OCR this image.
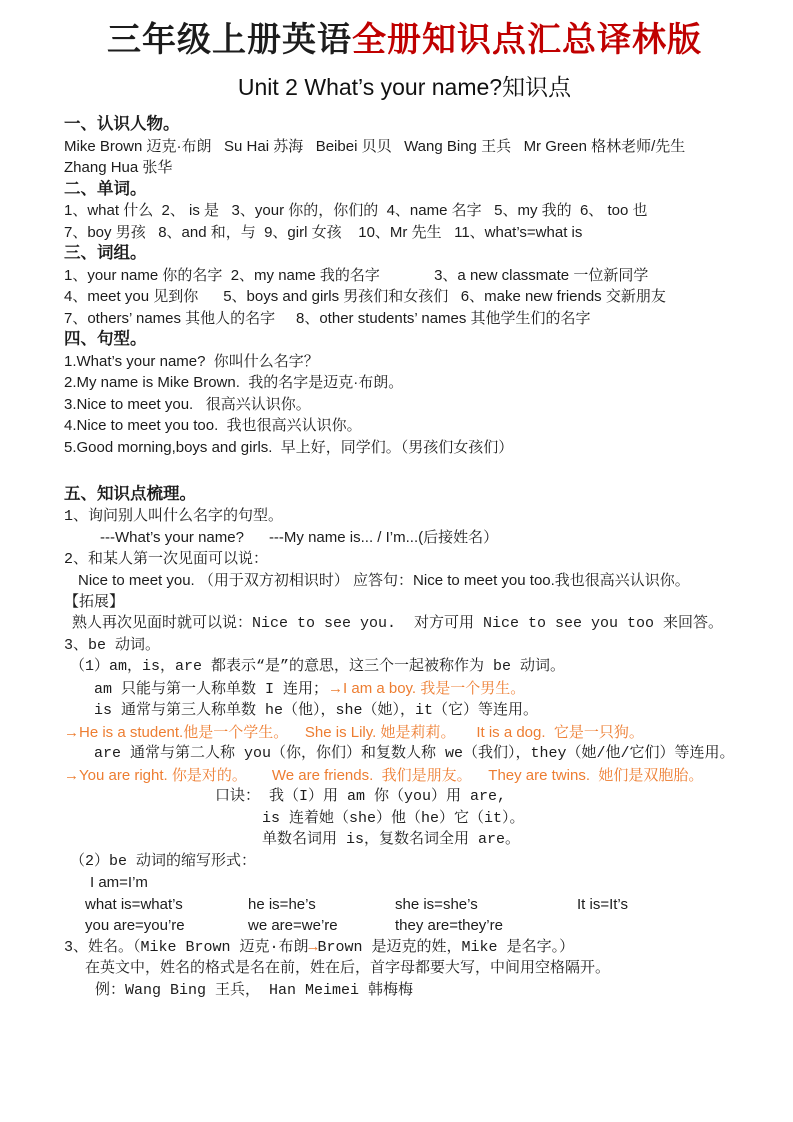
三年级上册英语全册知识点汇总译林版
Unit 2 What’s your name?知识点
一、认识人物。
Mike Brown 迈克·布朗   Su Hai 苏海   Beibei 贝贝   Wang Bing 王兵   Mr Green 格林老师/先生
Zhang Hua 张华
二、单词。
1、what 什么  2、 is 是   3、your 你的，你们的  4、name 名字   5、my 我的  6、 too 也
7、boy 男孩   8、and 和，与  9、girl 女孩    10、Mr 先生   11、what’s=what is
三、词组。
1、your name 你的名字  2、my name 我的名字             3、a new classmate 一位新同学
4、meet you 见到你      5、boys and girls 男孩们和女孩们   6、make new friends 交新朋友
7、others’ names 其他人的名字     8、other students’ names 其他学生们的名字
四、句型。
1.What’s your name?  你叫什么名字？
2.My name is Mike Brown.  我的名字是迈克·布朗。
3.Nice to meet you.   很高兴认识你。
4.Nice to meet you too.  我也很高兴认识你。
5.Good morning,boys and girls.  早上好，同学们。（男孩们女孩们）
五、知识点梳理。
1、询问别人叫什么名字的句型。
---What’s your name?      ---My name is... / I’m...(后接姓名）
2、和某人第一次见面可以说：
Nice to meet you. （用于双方初相识时） 应答句：Nice to meet you too.我也很高兴认识你。
【拓展】
熟人再次见面时就可以说：Nice to see you.  对方可用 Nice to see you too 来回答。
3、be 动词。
（1）am，is，are 都表示“是”的意思，这三个一起被称作为 be 动词。
am 只能与第一人称单数 I 连用；→I am a boy. 我是一个男生。
is 通常与第三人称单数 he（他），she（她），it（它）等连用。
→He is a student.他是一个学生。    She is Lily. 她是莉莉。     It is a dog.  它是一只狗。
are 通常与第二人称 you（你，你们）和复数人称 we（我们），they（她/他/它们）等连用。
→You are right. 你是对的。      We are friends.  我们是朋友。    They are twins.  她们是双胞胎。
口诀： 我（I）用 am 你（you）用 are,
is 连着她（she）他（he）它（it）。
单数名词用 is，复数名词全用 are。
（2）be 动词的缩写形式：
I am=I’m
what is=what’s	he is=he’s	she is=she’s	It is=It’s
you are=you’re	we are=we’re	they are=they’re
3、姓名。（Mike Brown 迈克·布朗→Brown 是迈克的姓，Mike 是名字。）
在英文中，姓名的格式是名在前，姓在后，首字母都要大写，中间用空格隔开。
例：Wang Bing 王兵， Han Meimei 韩梅梅
